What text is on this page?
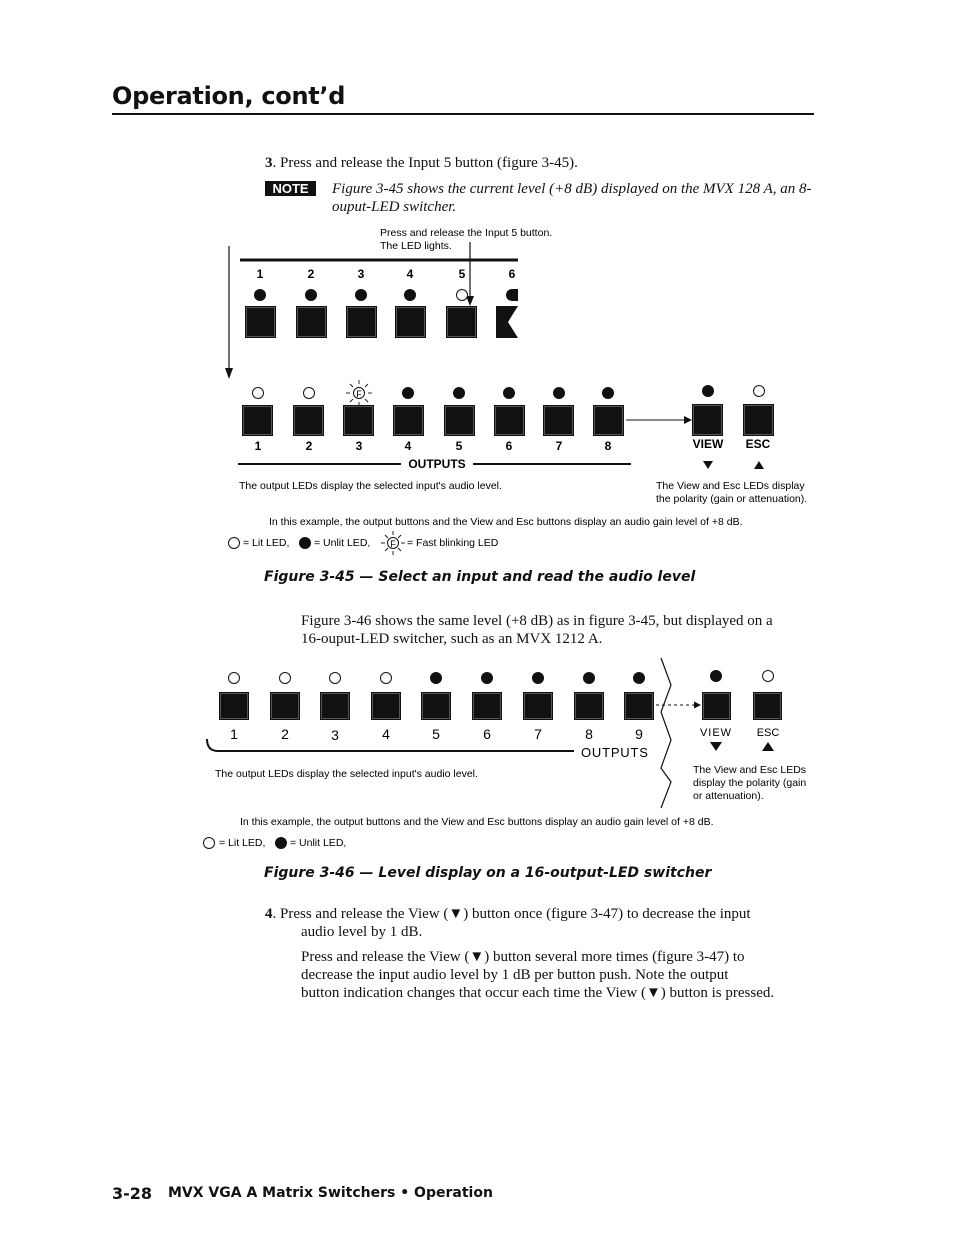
Operation, cont’d
3. Press and release the Input 5 button (figure 3-45).
NOTE	Figure 3-45 shows the current level (+8 dB) displayed on the MVX 128 A, an 8-ouput-LED switcher.
Press and release the Input 5 button.
The LED lights.
1	2	3	4	5	6
F
1	2	3	4	5	6	7	8	VIEW ESC
OUTPUTS
The output LEDs display the selected input's audio level.	The View and Esc LEDs display
the polarity (gain or attenuation).
In this example, the output buttons and the View and Esc buttons display an audio gain level of +8 dB.
= Lit LED, = Unlit LED, F = Fast blinking LED
Figure 3-45 — Select an input and read the audio level
Figure 3-46 shows the same level (+8 dB) as in figure 3-45, but displayed on a
16-ouput-LED switcher, such as an MVX 1212 A.
1	2	3	4	5	6	7	8	9	VIEW ESC
OUTPUTS
The output LEDs display the selected input's audio level.	The View and Esc LEDs
display the polarity (gain
or attenuation).
In this example, the output buttons and the View and Esc buttons display an audio gain level of +8 dB.
= Lit LED, = Unlit LED,
Figure 3-46 — Level display on a 16-output-LED switcher
4. Press and release the View (▼) button once (figure 3-47) to decrease the input
audio level by 1 dB.
Press and release the View (▼) button several more times (figure 3-47) to
decrease the input audio level by 1 dB per button push. Note the output
button indication changes that occur each time the View (▼) button is pressed.
3-28 MVX VGA A Matrix Switchers • Operation
